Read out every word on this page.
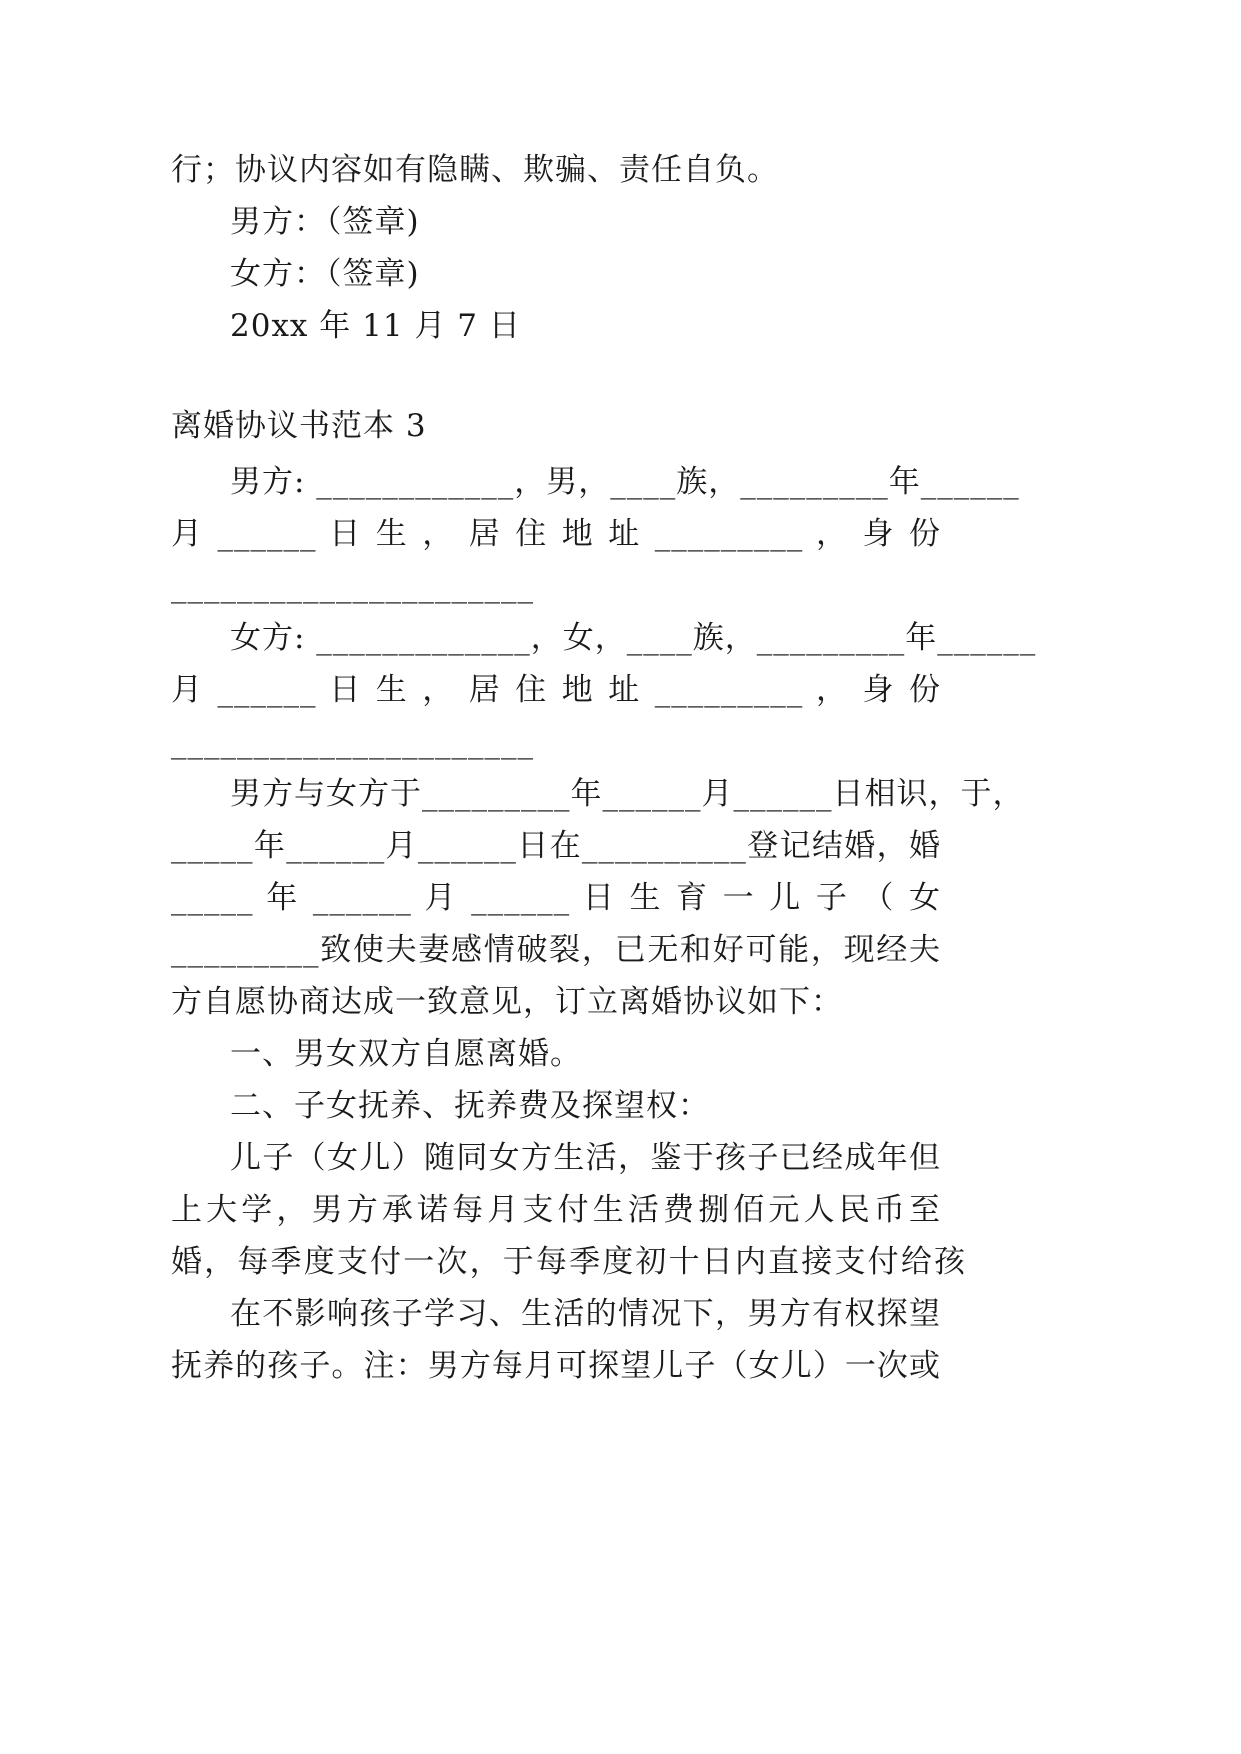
行；协议内容如有隐瞒、欺骗、责任自负。
男方：（签章)
女方：（签章)
20xx 年 11 月 7 日
离婚协议书范本 3
男方: ____________，男，____族，_________年______
月 ______ 日 生 ， 居 住 地 址 _________ ， 身 份
______________________
女方: _____________，女，____族，_________年______
月 ______ 日 生 ， 居 住 地 址 _________ ， 身 份
______________________
男方与女方于_________年______月______日相识，于，
_____年______月______日在__________登记结婚，婚
_____ 年 ______ 月 ______ 日 生 育 一 儿 子 （ 女
_________致使夫妻感情破裂，已无和好可能，现经夫
方自愿协商达成一致意见，订立离婚协议如下：
一、男女双方自愿离婚。
二、子女抚养、抚养费及探望权：
儿子（女儿）随同女方生活，鉴于孩子已经成年但
上大学，男方承诺每月支付生活费捌佰元人民币至
婚，每季度支付一次，于每季度初十日内直接支付给孩
在不影响孩子学习、生活的情况下，男方有权探望
抚养的孩子。注：男方每月可探望儿子（女儿）一次或
